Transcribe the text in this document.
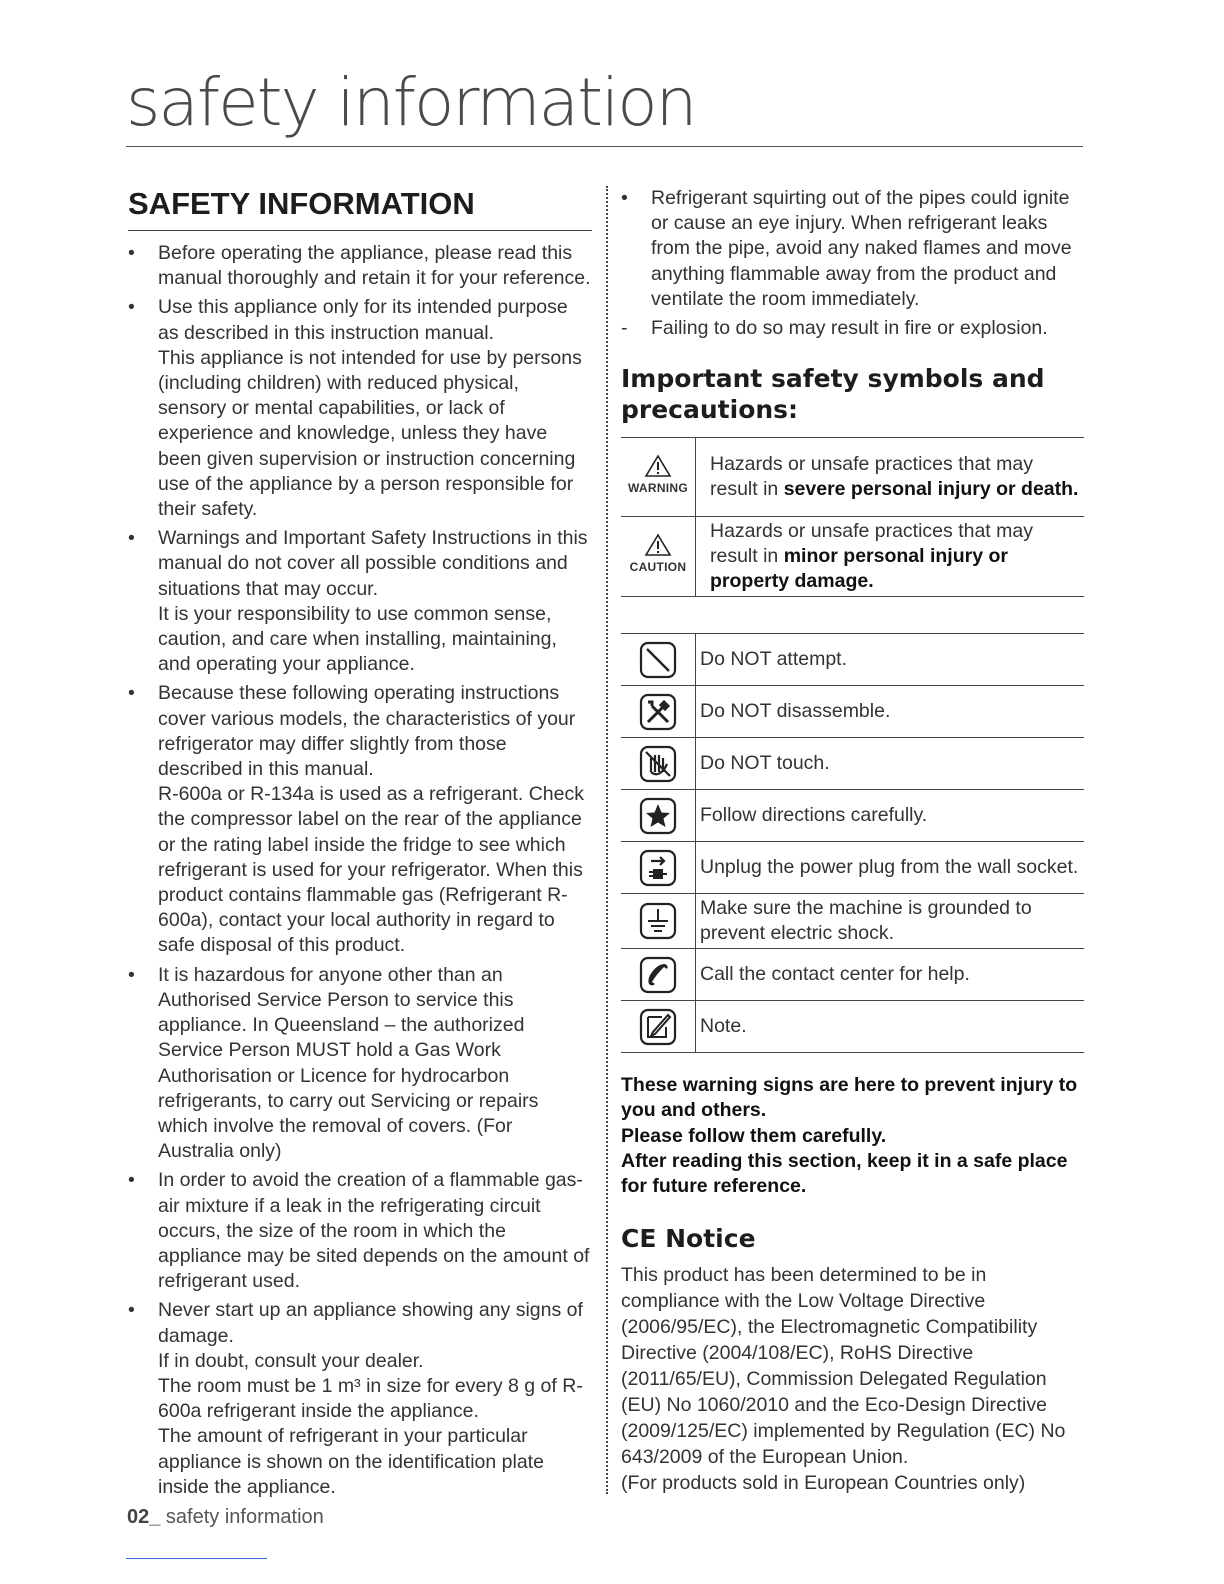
safety information
SAFETY INFORMATION
•	Before operating the appliance, please read this manual thoroughly and retain it for your reference.
•	Use this appliance only for its intended purpose as described in this instruction manual.
This appliance is not intended for use by persons (including children) with reduced physical, sensory or mental capabilities, or lack of experience and knowledge, unless they have been given supervision or instruction concerning use of the appliance by a person responsible for their safety.
•	Warnings and Important Safety Instructions in this manual do not cover all possible conditions and situations that may occur.
It is your responsibility to use common sense, caution, and care when installing, maintaining, and operating your appliance.
•	Because these following operating instructions cover various models, the characteristics of your refrigerator may differ slightly from those described in this manual.
R-600a or R-134a is used as a refrigerant. Check the compressor label on the rear of the appliance or the rating label inside the fridge to see which refrigerant is used for your refrigerator. When this product contains flammable gas (Refrigerant R-600a), contact your local authority in regard to safe disposal of this product.
•	It is hazardous for anyone other than an Authorised Service Person to service this appliance. In Queensland – the authorized Service Person MUST hold a Gas Work Authorisation or Licence for hydrocarbon refrigerants, to carry out Servicing or repairs which involve the removal of covers. (For Australia only)
•	In order to avoid the creation of a flammable gas-air mixture if a leak in the refrigerating circuit occurs, the size of the room in which the appliance may be sited depends on the amount of refrigerant used.
•	Never start up an appliance showing any signs of damage.
If in doubt, consult your dealer.
The room must be 1 m³ in size for every 8 g of R-600a refrigerant inside the appliance.
The amount of refrigerant in your particular appliance is shown on the identification plate inside the appliance.
•	Refrigerant squirting out of the pipes could ignite or cause an eye injury. When refrigerant leaks from the pipe, avoid any naked flames and move anything flammable away from the product and ventilate the room immediately.
-	Failing to do so may result in fire or explosion.
Important safety symbols and precautions:
WARNING	Hazards or unsafe practices that may result in severe personal injury or death.

CAUTION	Hazards or unsafe practices that may result in minor personal injury or property damage.
	Do NOT attempt.

	Do NOT disassemble.

	Do NOT touch.

	Follow directions carefully.

	Unplug the power plug from the wall socket.

	Make sure the machine is grounded to prevent electric shock.

	Call the contact center for help.

	Note.
These warning signs are here to prevent injury to you and others.
Please follow them carefully.
After reading this section, keep it in a safe place for future reference.
CE Notice

This product has been determined to be in compliance with the Low Voltage Directive (2006/95/EC), the Electromagnetic Compatibility Directive (2004/108/EC), RoHS Directive (2011/65/EU), Commission Delegated Regulation (EU) No 1060/2010 and the Eco-Design Directive (2009/125/EC) implemented by Regulation (EC) No 643/2009 of the European Union.

(For products sold in European Countries only)

02_ safety information
